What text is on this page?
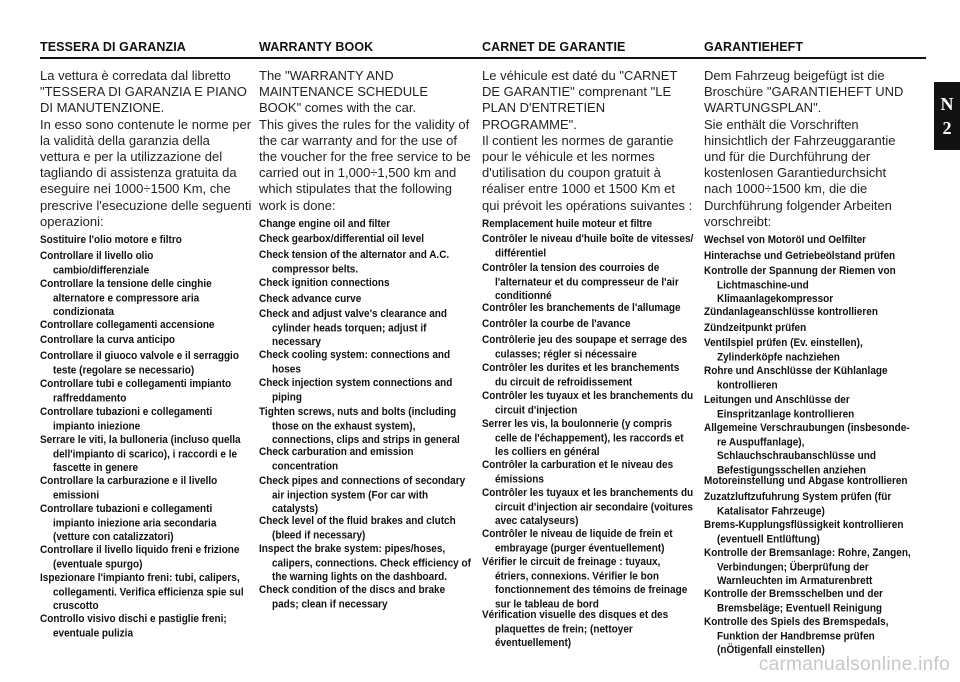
TESSERA DI GARANZIA

La vettura è corredata dal libretto "TESSERA DI GARANZIA E PIANO DI MANUTENZIONE.

In esso sono contenute le norme per la validità della garanzia della vettura e per la utilizzazione del tagliando di assistenza gratuita da eseguire nei 1000÷1500 Km, che prescrive l'esecuzione delle seguenti operazioni:

Sostituire l'olio motore e filtro
Controllare il livello olio cambio/differenziale
Controllare la tensione delle cinghie alternatore e compressore aria condizionata
Controllare collegamenti accensione
Controllare la curva anticipo
Controllare il giuoco valvole e il serraggio teste (regolare se necessario)
Controllare tubi e collegamenti impianto raffreddamento
Controllare tubazioni e collegamenti impianto iniezione
Serrare le viti, la bulloneria (incluso quella dell'impianto di scarico), i raccordi e le fascette in genere
Controllare la carburazione e il livello emissioni
Controllare tubazioni e collegamenti impianto iniezione aria secondaria (vetture con catalizzatori)
Controllare il livello liquido freni e frizione (eventuale spurgo)
Ispezionare l'impianto freni: tubi, calipers, collegamenti. Verifica efficienza spie sul cruscotto
Controllo visivo dischi e pastiglie freni; eventuale pulizia
WARRANTY BOOK

The "WARRANTY AND MAINTENANCE SCHEDULE BOOK" comes with the car.

This gives the rules for the validity of the car warranty and for the use of the voucher for the free service to be carried out in 1,000÷1,500 km and which stipulates that the following work is done:

Change engine oil and filter
Check gearbox/differential oil level
Check tension of the alternator and A.C. compressor belts.
Check ignition connections
Check advance curve
Check and adjust valve's clearance and cylinder heads torquen; adjust if necessary
Check cooling system: connections and hoses
Check injection system connections and piping
Tighten screws, nuts and bolts (including those on the exhaust system), connections, clips and strips in general
Check carburation and emission concentration
Check pipes and connections of secondary air injection system (For car with catalysts)
Check level of the fluid brakes and clutch (bleed if necessary)
Inspect the brake system: pipes/hoses, calipers, connections. Check efficiency of the warning lights on the dashboard.
Check condition of the discs and brake pads; clean if necessary
CARNET DE GARANTIE

Le véhicule est daté du "CARNET DE GARANTIE" comprenant "LE PLAN D'ENTRETIEN PROGRAMME".

Il contient les normes de garantie pour le véhicule et les normes d'utilisation du coupon gratuit à réaliser entre 1000 et 1500 Km et qui prévoit les opérations suivantes :

Remplacement huile moteur et filtre
Contrôler le niveau d'huile boîte de vitesses/ différentiel
Contrôler la tension des courroies de l'alternateur et du compresseur de l'air conditionné
Contrôler les branchements de l'allumage
Contrôler la courbe de l'avance
Contrôlerie jeu des soupape et serrage des culasses; régler si nécessaire
Contrôler les durites et les branchements du circuit de refroidissement
Contrôler les tuyaux et les branchements du circuit d'injection
Serrer les vis, la boulonnerie (y compris celle de l'échappement), les raccords et les colliers en général
Contrôler la carburation et le niveau des émissions
Contrôler les tuyaux et les branchements du circuit d'injection air secondaire (voitures avec catalyseurs)
Contrôler le niveau de liquide de frein et embrayage (purger éventuellement)
Vérifier le circuit de freinage : tuyaux, étriers, connexions. Vérifier le bon fonctionnement des témoins de freinage sur le tableau de bord
Vérification visuelle des disques et des plaquettes de frein; (nettoyer éventuellement)
GARANTIEHEFT

Dem Fahrzeug beigefügt ist die Broschüre "GARANTIEHEFT UND WARTUNGSPLAN".

Sie enthält die Vorschriften hinsichtlich der Fahrzeuggarantie und für die Durchführung der kostenlosen Garantiedurchsicht nach 1000÷1500 km, die die Durchführung folgender Arbeiten vorschreibt:

Wechsel von Motoröl und Oelfilter
Hinterachse und Getriebeölstand prüfen
Kontrolle der Spannung der Riemen von Lichtmaschine-und Klimaanlagekompressor
Zündanlageanschlüsse kontrollieren
Zündzeitpunkt prüfen
Ventilspiel prüfen (Ev. einstellen), Zylinderköpfe nachziehen
Rohre und Anschlüsse der Kühlanlage kontrollieren
Leitungen und Anschlüsse der Einspritzanlage kontrollieren
Allgemeine Verschraubungen (insbesonde-re Auspuffanlage), Schlauchschraubanschlüsse und Befestigungsschellen anziehen
Motoreinstellung und Abgase kontrollieren
Zuzatzluftzufuhrung System prüfen (für Katalisator Fahrzeuge)
Brems-Kupplungsflüssigkeit kontrollieren (eventuell Entlüftung)
Kontrolle der Bremsanlage: Rohre, Zangen, Verbindungen; Überprüfung der Warnleuchten im Armaturenbrett
Kontrolle der Bremsschelben und der Bremsbeläge; Eventuell Reinigung
Kontrolle des Spiels des Bremspedals, Funktion der Handbremse prüfen (nÖtigenfall einstellen)
N
2
carmanualsonline.info
